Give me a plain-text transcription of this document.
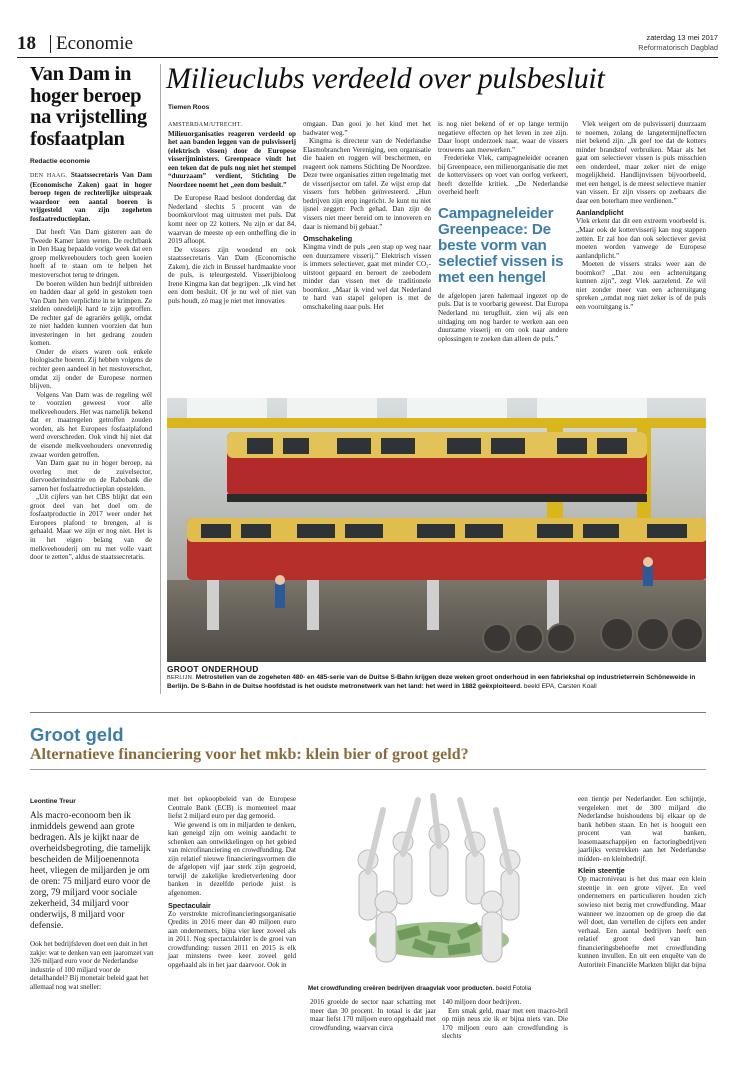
18 Economie	zaterdag 13 mei 2017
Reformatorisch Dagblad
Van Dam in hoger beroep na vrijstelling fosfaatplan
Redactie economie

DEN HAAG. Staatssecretaris Van Dam (Economische Zaken) gaat in hoger beroep tegen de rechterlijke uitspraak waardoor een aantal boeren is vrijgesteld van zijn zogeheten fosfaatreductieplan.

Dat heeft Van Dam gisteren aan de Tweede Kamer laten weten. De rechtbank in Den Haag bepaalde vorige week dat een groep melkveehouders toch geen koeien hoeft af te staan om te helpen het mestoverschot terug te dringen.

De boeren wilden hun bedrijf uitbreiden en hadden daar al geld in gestoken toen Van Dam hen verplichtte in te krimpen. Ze stelden onredelijk hard te zijn getroffen. De rechter gaf de agrariërs gelijk, omdat ze niet hadden kunnen voorzien dat hun investeringen in het gedrang zouden komen.

Onder de eisers waren ook enkele biologische boeren. Zij hebben volgens de rechter geen aandeel in het mestoverschot, omdat zij onder de Europese normen blijven.

Volgens Van Dam was de regeling wél te voorzien geweest voor alle melkveehouders. Het was namelijk bekend dat er maatregelen getroffen zouden worden, als het Europees fosfaatplafond werd overschreden. Ook vindt hij niet dat de eisende melkveehouders onevenredig zwaar worden getroffen.

Van Dam gaat nu in hoger beroep, na overleg met de zuivelsector, diervoederindustrie en de Rabobank die samen het fosfaatreductieplan opstelden.

„Uit cijfers van het CBS blijkt dat een groot deel van het doel om de fosfaatproductie in 2017 weer onder het Europees plafond te brengen, al is gehaald. Maar we zijn er nog niet. Het is in het eigen belang van de melkveehouderij om nu met volle vaart door te zetten”, aldus de staatssecretaris.

Milieuclubs verdeeld over pulsbesluit
Tiemen Roos

AMSTERDAM/UTRECHT. Milieuorganisaties reageren verdeeld op het aan banden leggen van de pulsvisserij (elektrisch vissen) door de Europese visserijministers. Greenpeace vindt het een teken dat de puls nog niet het stempel “duurzaam” verdient, Stichting De Noordzee noemt het „een dom besluit.”

De Europese Raad besloot donderdag dat Nederland slechts 5 procent van de boomkorvloot mag uitrusten met puls. Dat komt neer op 22 kotters. Nu zijn er dat 84, waarvan de meeste op een ontheffing die in 2019 afloopt.

De vissers zijn woedend en ook staatssecretaris Van Dam (Economische Zaken), die zich in Brussel hardmaakte voor de puls, is teleurgesteld. Visserijbioloog Irene Kingma kan dat begrijpen. „Ik vind het een dom besluit. Of je nu wel of niet van puls houdt, zó mag je niet met innovaties

omgaan. Dan gooi je het kind met het badwater weg.”

Kingma is directeur van de Nederlandse Elasmobranchen Vereniging, een organisatie die haaien en roggen wil beschermen, en reageert ook namens Stichting De Noordzee. Deze twee organisaties zitten regelmatig met de visserijsector om tafel. Ze wijst erop dat vissers fors hebben geïnvesteerd. „Hun bedrijven zijn erop ingericht. Je kunt nu niet ijsnel zeggen: Pech gehad. Dan zijn de vissers niet meer bereid om te innoveren en daar is niemand bij gebaat.”

Omschakeling

Kingma vindt de puls „een stap op weg naar een duurzamere visserij.” Elektrisch vissen is immers selectiever, gaat met minder CO₂-uitstoot gepaard en beroert de zeebodem minder dan vissen met de traditionele boomkor. „Maar ik vind wel dat Nederland te hard van stapel gelopen is met de omschakeling naar puls. Het

is nog niet bekend of er op lange termijn negatieve effecten op het leven in zee zijn. Daar loopt onderzoek naar, waar de vissers trouwens aan meewerken.”

Frederieke Vlek, campagneleider oceanen bij Greenpeace, een milieuorganisatie die met de kottervissers op voet van oorlog verkeert, heeft dezelfde kritiek. „De Nederlandse overheid heeft

Campagneleider Greenpeace: De beste vorm van selectief vissen is met een hengel

de afgelopen jaren halemaal ingezet op de puls. Dat is te voorbarig geweest. Dat Europa Nederland nu terugfluit, zien wij als een uitdaging om nog harder te werken aan een duurzame visserij en om ook naar andere oplossingen te zoeken dan alleen de puls.”

Vlek weigert om de pulsvisserij duurzaam te noemen, zolang de langetermijneffecten niet bekend zijn. „Ik geef toe dat de kotters minder brandstof verbruiken. Maar als het gaat om selectiever vissen is puls misschien een onderdeel, maar zeker niet de enige mogelijkheid. Handlijnvissen bijvoorbeeld, met een hengel, is de meest selectieve manier van vissen. Er zijn vissers op zeebaars die daar een boterham mee verdienen.”

Aanlandplicht

Vlek erkent dat dit een extreem voorbeeld is. „Maar ook de kottervisserij kan nog stappen zetten. Er zal hoe dan ook selectiever gevist moeten worden vanwege de Europese aanlandplicht.”

Moeten de vissers straks weer aan de boomkor? „Dat zou een achteruitgang kunnen zijn”, zegt Vlek aarzelend. Ze wil niet zonder meer van een achteruitgang spreken „omdat nog niet zeker is of de puls een vooruitgang is.”

GROOT ONDERHOUD
BERLIJN. Metrostellen van de zogeheten 480- en 485-serie van de Duitse S-Bahn krijgen deze weken groot onderhoud in een fabriekshal op industrieterrein Schöneweide in Berlijn. De S-Bahn in de Duitse hoofdstad is het oudste metronetwerk van het land: het werd in 1882 geëxploiteerd. beeld EPA, Carsten Koall
Groot geld
Alternatieve financiering voor het mkb: klein bier of groot geld?
Leontine Treur

Als macro-econoom ben ik inmiddels gewend aan grote bedragen. Als je kijkt naar de overheidsbegroting, die tamelijk bescheiden de Miljoenennota heet, vliegen de miljarden je om de oren: 75 miljard euro voor de zorg, 79 miljard voor sociale zekerheid, 34 miljard voor onderwijs, 8 miljard voor defensie.

Ook het bedrijfsleven doet een duit in het zakje: wat te denken van een jaaromzet van 326 miljard euro voor de Nederlandse industrie of 100 miljard voor de detailhandel? Bij monetair beleid gaat het allemaal nog wat sneller:

met het opkoopbeleid van de Europese Centrale Bank (ECB) is momenteel maar liefst 2 miljard euro per dag gemoeid.

Wie gewend is om in miljarden te denken, kan geneigd zijn om weinig aandacht te schenken aan ontwikkelingen op het gebied van microfinanciering en crowdfunding. Dat zijn relatief nieuwe financieringsvormen die de afgelopen vijf jaar sterk zijn gegroeid, terwijl de zakelijke kredietverlening door banken in dezelfde periode juist is afgenomen.

Spectaculair

Zo verstrekte microfinancieringsorganisatie Qredits in 2016 meer dan 40 miljoen euro aan ondernemers, bijna vier keer zoveel als in 2011. Nog spectaculairder is de groei van crowdfunding: tussen 2011 en 2015 is elk jaar minstens twee keer zoveel geld opgehaald als in het jaar daarvoor. Ook in

Met crowdfunding creëren bedrijven draagvlak voor producten. beeld Fotolia

2016 groeide de sector naar schatting met meer dan 30 procent. In totaal is dat jaar maar liefst 170 miljoen euro opgehaald met crowdfunding, waarvan circa

140 miljoen door bedrijven.

Een smak geld, maar met een macro-bril op mijn neus zie ik er bijna niets van. Die 170 miljoen euro aan crowdfunding is slechts

een tientje per Nederlander. Een schijntje, vergeleken met de 300 miljard die Nederlandse huishoudens bij elkaar op de bank hebben staan. En het is hooguit een procent van wat banken, leasemaatschappijen en factoringbedrijven jaarlijks verstrekken aan het Nederlandse midden- en kleinbedrijf.

Klein steentje

Op macroniveau is het dus maar een klein steentje in een grote vijver. En veel ondernemers en particulieren houden zich sowieso niet bezig met crowdfunding. Maar wanneer we inzoomen op de groep die dat wél doet, dan vertellen de cijfers een ander verhaal. Een aantal bedrijven heeft een relatief groot deel van hun financieringsbehoefte met crowdfunding kunnen invullen. En uit een enquête van de Autoriteit Financiële Markten blijkt dat bijna
